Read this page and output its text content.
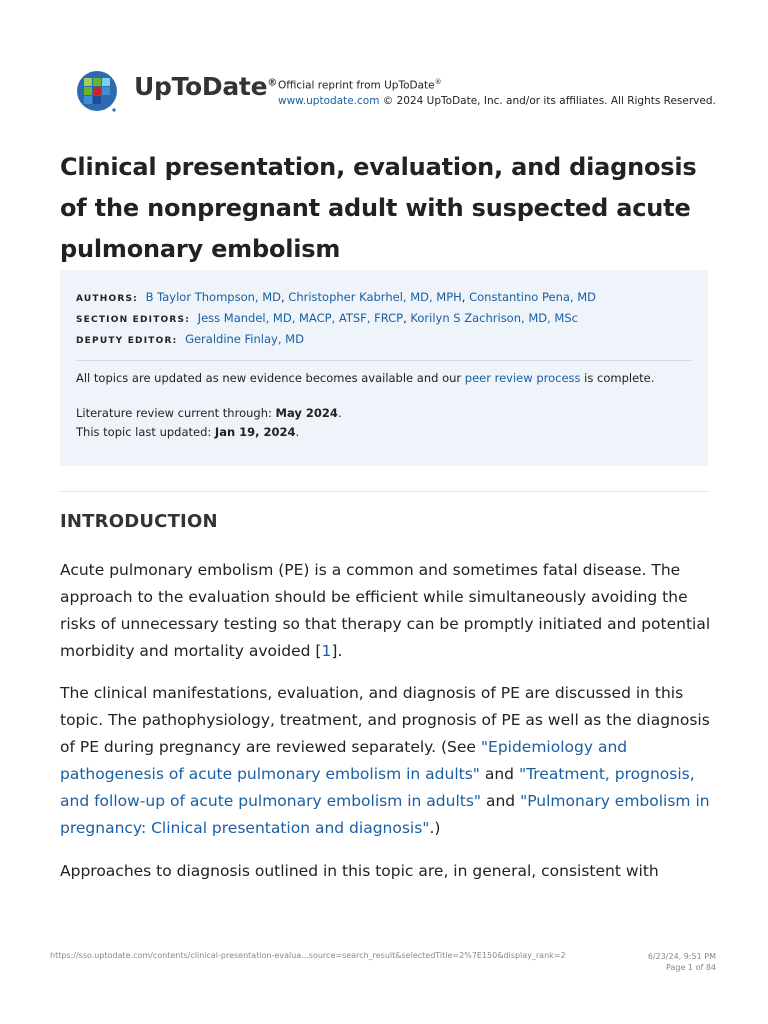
UpToDate® Official reprint from UpToDate®
www.uptodate.com © 2024 UpToDate, Inc. and/or its affiliates. All Rights Reserved.
Clinical presentation, evaluation, and diagnosis of the nonpregnant adult with suspected acute pulmonary embolism
AUTHORS: B Taylor Thompson, MD, Christopher Kabrhel, MD, MPH, Constantino Pena, MD
SECTION EDITORS: Jess Mandel, MD, MACP, ATSF, FRCP, Korilyn S Zachrison, MD, MSc
DEPUTY EDITOR: Geraldine Finlay, MD
All topics are updated as new evidence becomes available and our peer review process is complete.
Literature review current through: May 2024.
This topic last updated: Jan 19, 2024.
INTRODUCTION

Acute pulmonary embolism (PE) is a common and sometimes fatal disease. The approach to the evaluation should be efficient while simultaneously avoiding the risks of unnecessary testing so that therapy can be promptly initiated and potential morbidity and mortality avoided [1].

The clinical manifestations, evaluation, and diagnosis of PE are discussed in this topic. The pathophysiology, treatment, and prognosis of PE as well as the diagnosis of PE during pregnancy are reviewed separately. (See "Epidemiology and pathogenesis of acute pulmonary embolism in adults" and "Treatment, prognosis, and follow-up of acute pulmonary embolism in adults" and "Pulmonary embolism in pregnancy: Clinical presentation and diagnosis".)

Approaches to diagnosis outlined in this topic are, in general, consistent with

https://sso.uptodate.com/contents/clinical-presentation-evalua...source=search_result&selectedTitle=2%7E150&display_rank=2	6/23/24, 9:51 PM
Page 1 of 84
